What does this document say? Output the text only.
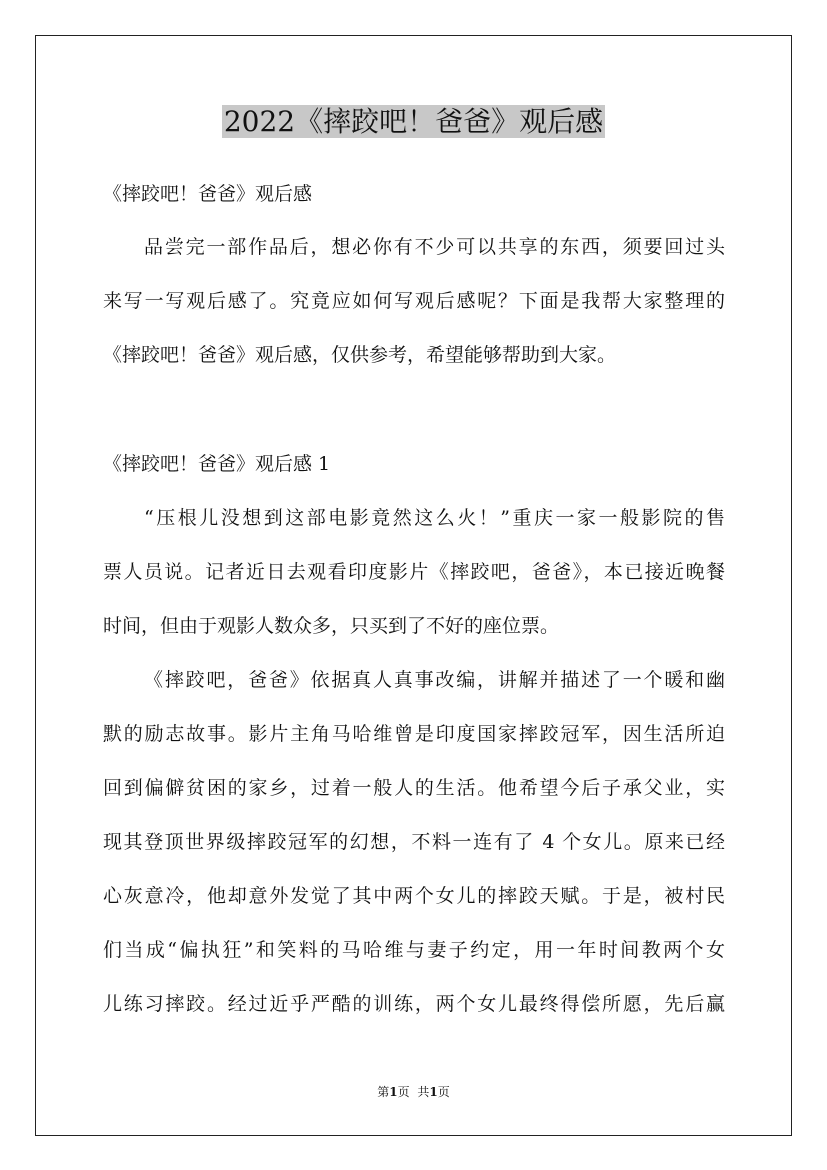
2022《摔跤吧！爸爸》观后感
《摔跤吧！爸爸》观后感
品尝完一部作品后，想必你有不少可以共享的东西，须要回过头
来写一写观后感了。究竟应如何写观后感呢？下面是我帮大家整理的
《摔跤吧！爸爸》观后感，仅供参考，希望能够帮助到大家。
《摔跤吧！爸爸》观后感 1
“压根儿没想到这部电影竟然这么火！”重庆一家一般影院的售
票人员说。记者近日去观看印度影片《摔跤吧，爸爸》，本已接近晚餐
时间，但由于观影人数众多，只买到了不好的座位票。
《摔跤吧，爸爸》依据真人真事改编，讲解并描述了一个暖和幽
默的励志故事。影片主角马哈维曾是印度国家摔跤冠军，因生活所迫
回到偏僻贫困的家乡，过着一般人的生活。他希望今后子承父业，实
现其登顶世界级摔跤冠军的幻想，不料一连有了 4 个女儿。原来已经
心灰意冷，他却意外发觉了其中两个女儿的摔跤天赋。于是，被村民
们当成“偏执狂”和笑料的马哈维与妻子约定，用一年时间教两个女
儿练习摔跤。经过近乎严酷的训练，两个女儿最终得偿所愿，先后赢
第1页 共1页
